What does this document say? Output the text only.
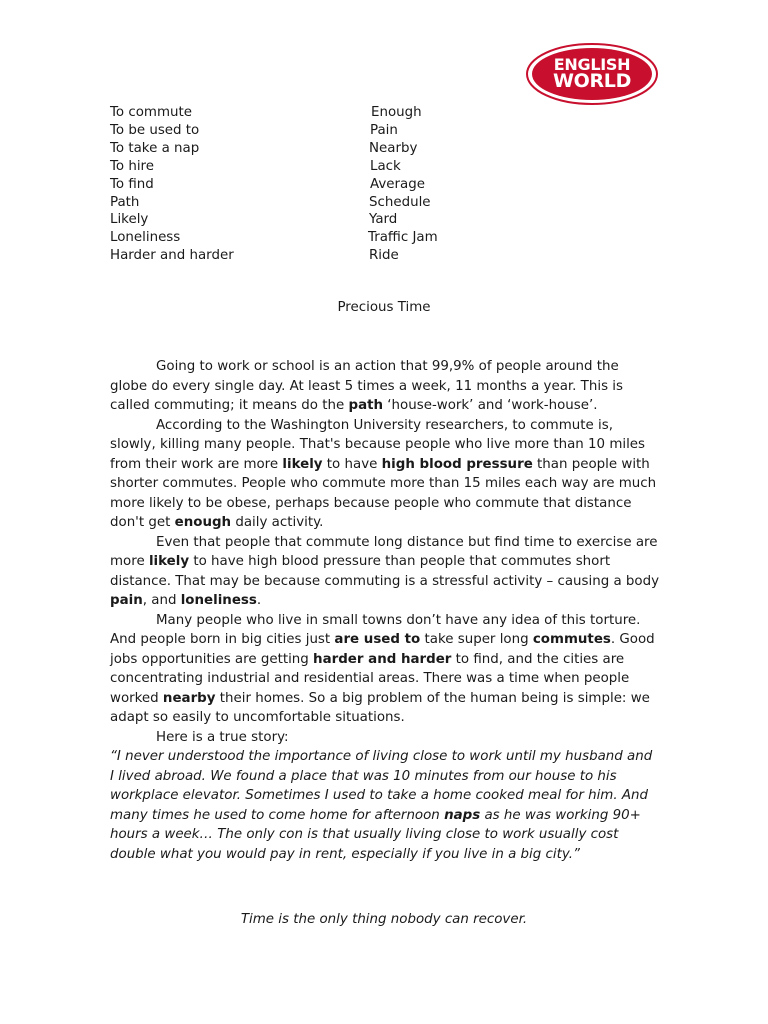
ENGLISH
WORLD
To commute
To be used to
To take a nap
To hire
To find
Path
Likely
Loneliness
Harder and harder
Enough
Pain
Nearby
Lack
Average
Schedule
Yard
Traffic Jam
Ride
Precious Time

Going to work or school is an action that 99,9% of people around the globe do every single day. At least 5 times a week, 11 months a year. This is called commuting; it means do the path ‘house-work’ and ‘work-house’.

According to the Washington University researchers, to commute is, slowly, killing many people. That's because people who live more than 10 miles from their work are more likely to have high blood pressure than people with shorter commutes. People who commute more than 15 miles each way are much more likely to be obese, perhaps because people who commute that distance don't get enough daily activity.

Even that people that commute long distance but find time to exercise are more likely to have high blood pressure than people that commutes short distance. That may be because commuting is a stressful activity – causing a body pain, and loneliness.

Many people who live in small towns don’t have any idea of this torture. And people born in big cities just are used to take super long commutes. Good jobs opportunities are getting harder and harder to find, and the cities are concentrating industrial and residential areas. There was a time when people worked nearby their homes. So a big problem of the human being is simple: we adapt so easily to uncomfortable situations.

Here is a true story:

“I never understood the importance of living close to work until my husband and I lived abroad. We found a place that was 10 minutes from our house to his workplace elevator. Sometimes I used to take a home cooked meal for him. And many times he used to come home for afternoon naps as he was working 90+ hours a week… The only con is that usually living close to work usually cost double what you would pay in rent, especially if you live in a big city.”

Time is the only thing nobody can recover.
